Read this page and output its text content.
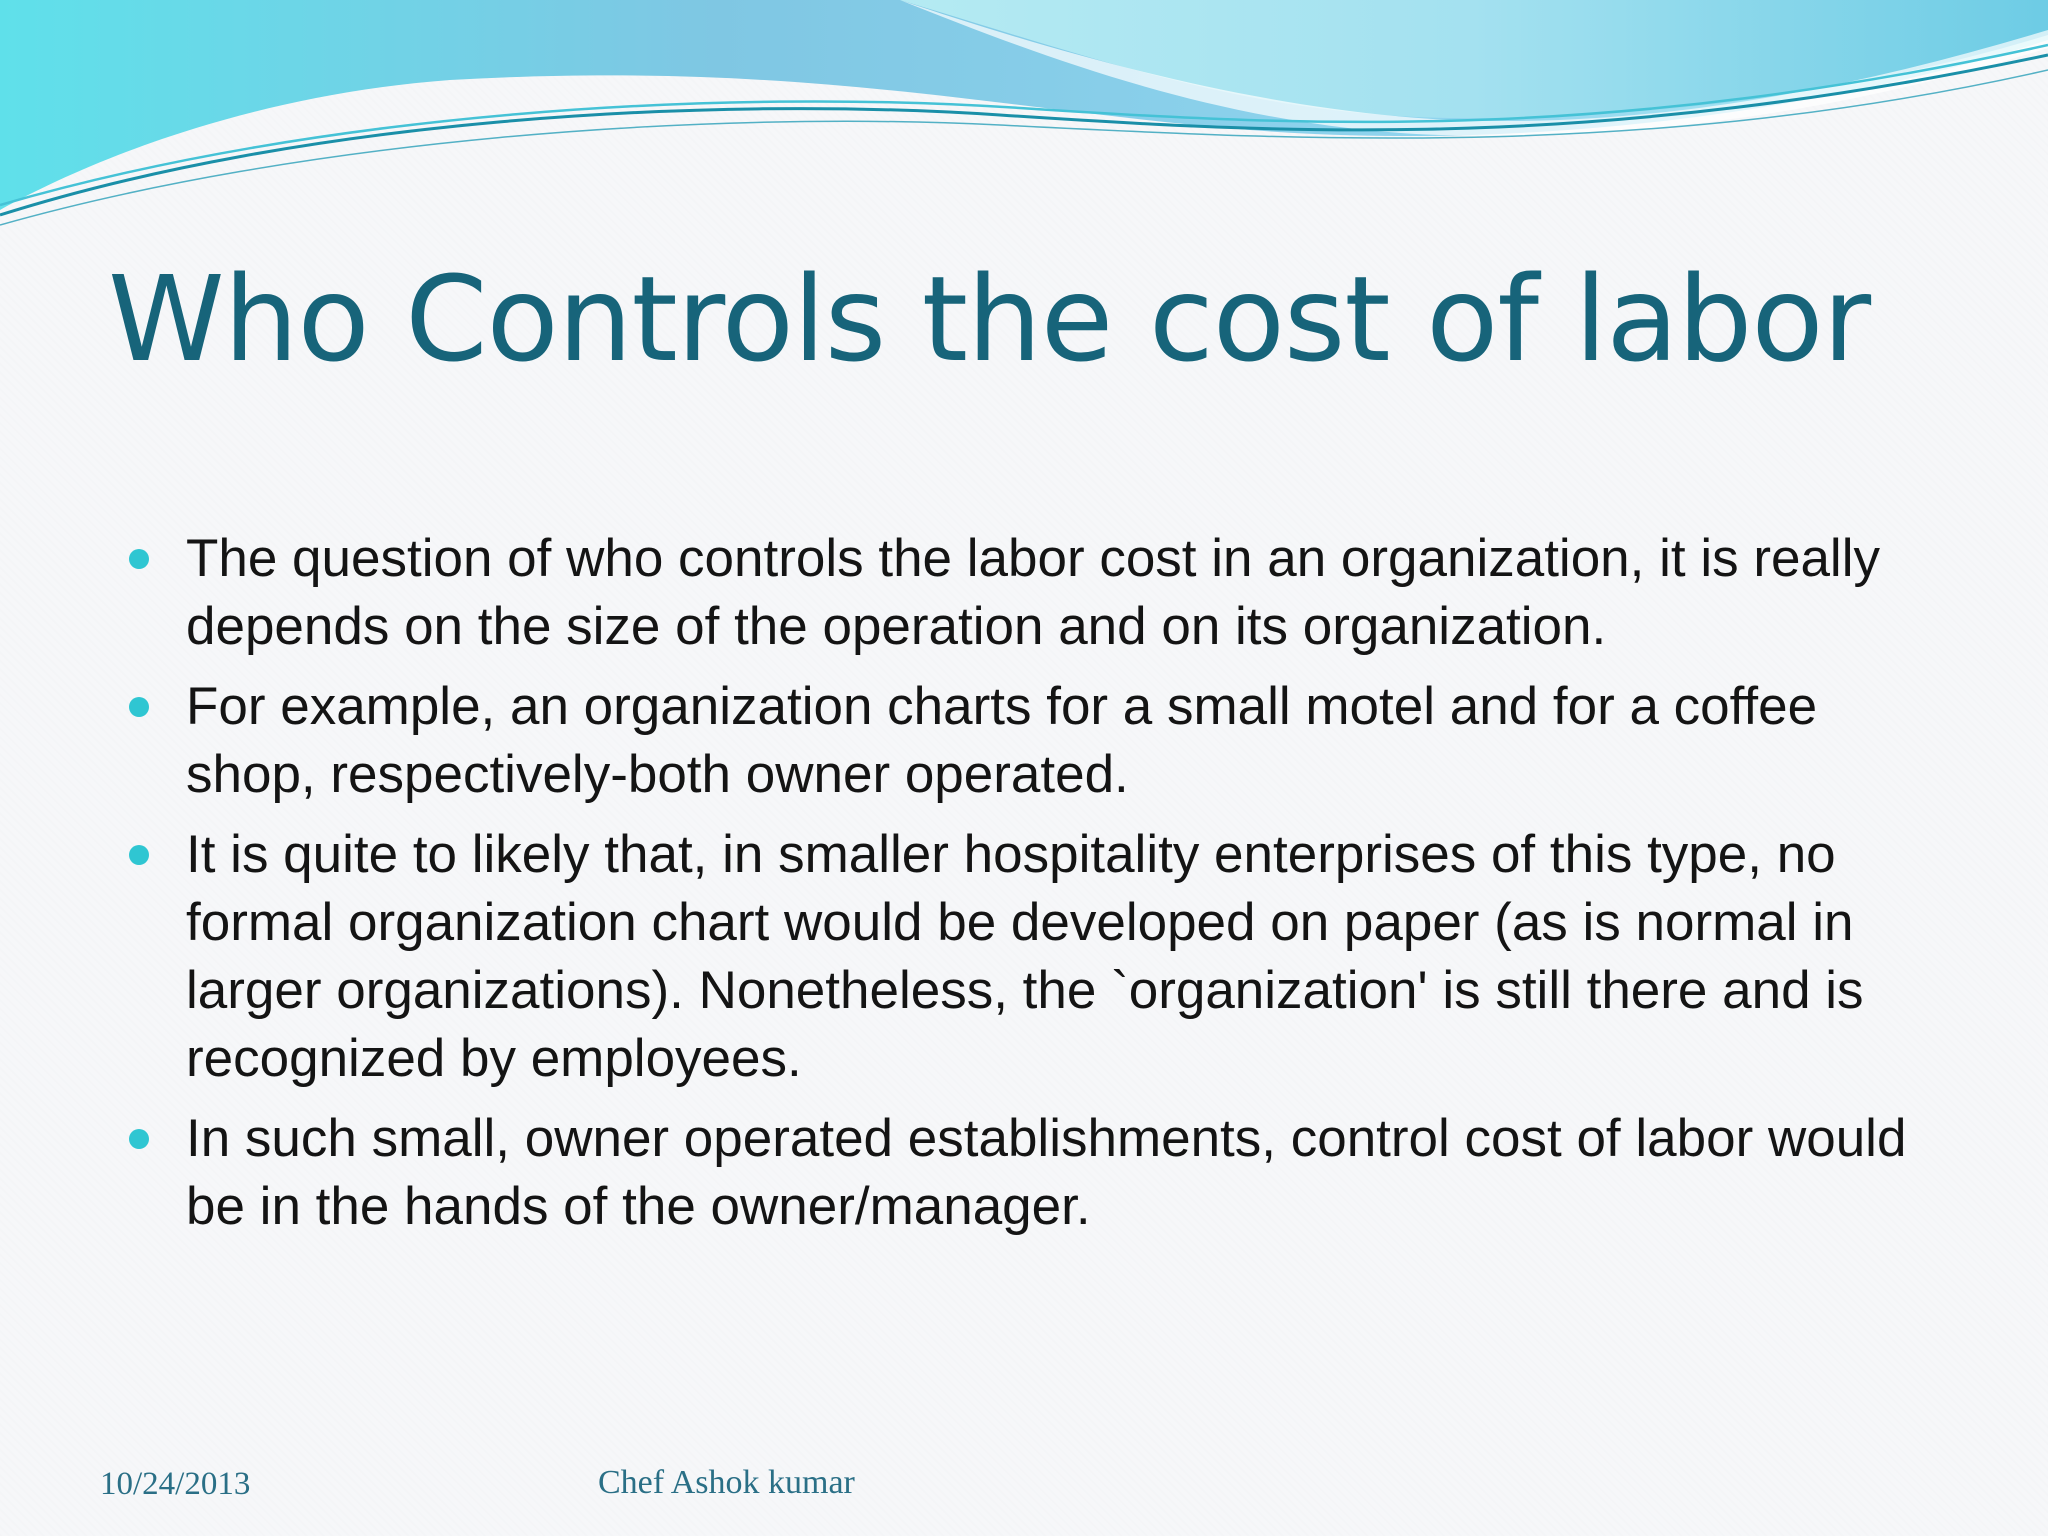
Who Controls the cost of labor
The question of who controls the labor cost in an organization, it is really depends on the size of the operation and on its organization.
For example, an organization charts for a small motel and for a coffee shop, respectively-both owner operated.
It is quite to likely that, in smaller hospitality enterprises of this type, no formal organization chart would be developed on paper (as is normal in larger organizations). Nonetheless, the `organization' is still there and is recognized by employees.
In such small, owner operated establishments, control cost of labor would be in the hands of the owner/manager.
10/24/2013	Chef Ashok kumar
